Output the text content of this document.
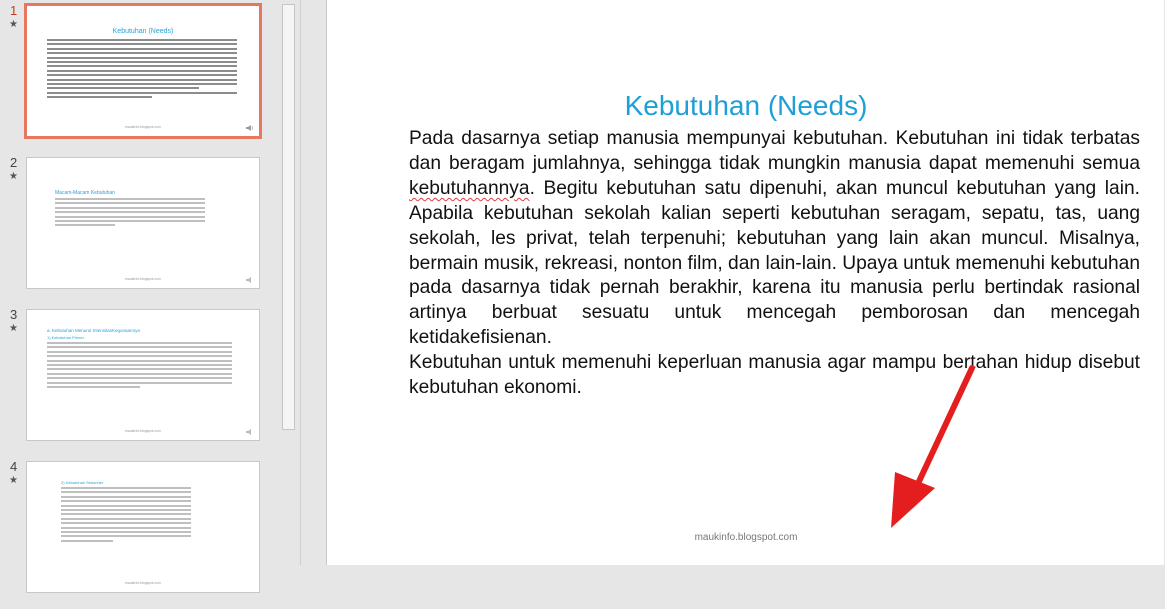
1
★
Kebutuhan (Needs)
maukinfo.blogspot.com
2
★
Macam-Macam Kebutuhan
maukinfo.blogspot.com
3
★	a. Kebutuhan Menurut IntensitasKegunaannya
1) Kebutuhan Primer
maukinfo.blogspot.com
4
★	2) Kebutuhan Sekunder
maukinfo.blogspot.com
Kebutuhan (Needs)

Pada dasarnya setiap manusia mempunyai kebutuhan. Kebutuhan ini tidak terbatas dan beragam jumlahnya, sehingga tidak mungkin manusia dapat memenuhi semua kebutuhannya. Begitu kebutuhan satu dipenuhi, akan muncul kebutuhan yang lain. Apabila kebutuhan sekolah kalian seperti kebutuhan seragam, sepatu, tas, uang sekolah, les privat, telah terpenuhi; kebutuhan yang lain akan muncul. Misalnya, bermain musik, rekreasi, nonton film, dan lain-lain. Upaya untuk memenuhi kebutuhan pada dasarnya tidak pernah berakhir, karena itu manusia perlu bertindak rasional artinya berbuat sesuatu untuk mencegah pemborosan dan mencegah ketidakefisienan.

Kebutuhan untuk memenuhi keperluan manusia agar mampu bertahan hidup disebut kebutuhan ekonomi.

maukinfo.blogspot.com
